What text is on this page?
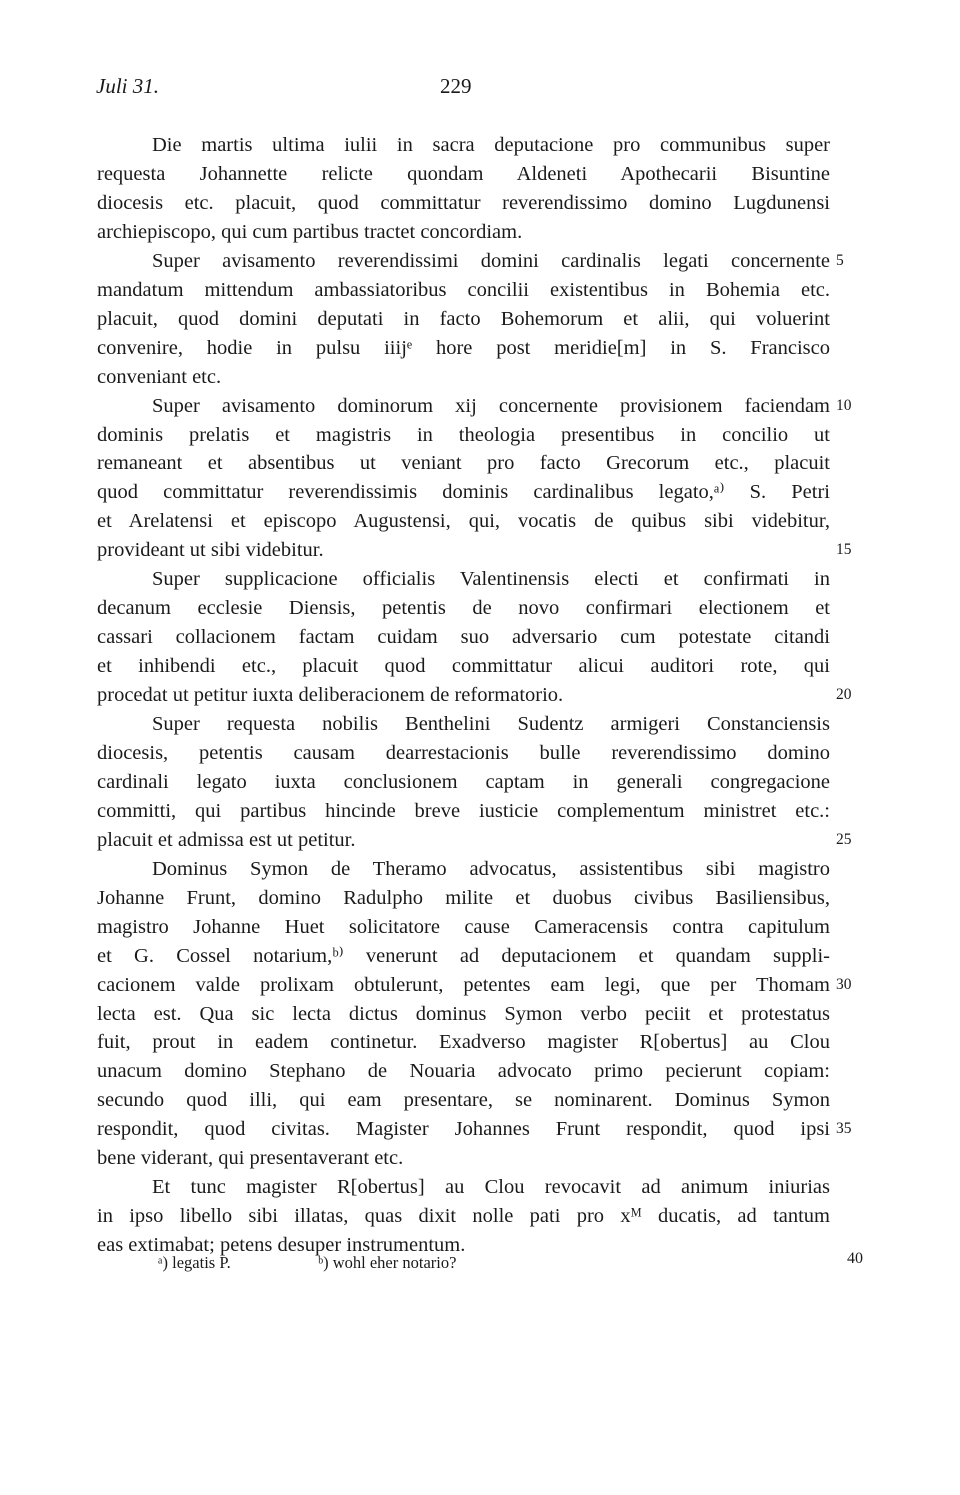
Juli 31.	229
Die martis ultima iulii in sacra deputacione pro communibus super
requesta Johannette relicte quondam Aldeneti Apothecarii Bisuntine
diocesis etc. placuit, quod committatur reverendissimo domino Lugdunensi
archiepiscopo, qui cum partibus tractet concordiam.
Super avisamento reverendissimi domini cardinalis legati concernente 5
mandatum mittendum ambassiatoribus concilii existentibus in Bohemia etc.
placuit, quod domini deputati in facto Bohemorum et alii, qui voluerint
convenire, hodie in pulsu iiijᵉ hore post meridie[m] in S. Francisco
conveniant etc.
Super avisamento dominorum xij concernente provisionem faciendam 10
dominis prelatis et magistris in theologia presentibus in concilio ut
remaneant et absentibus ut veniant pro facto Grecorum etc., placuit
quod committatur reverendissimis dominis cardinalibus legato,ᵃ⁾ S. Petri
et Arelatensi et episcopo Augustensi, qui, vocatis de quibus sibi videbitur,
provideant ut sibi videbitur.	15
Super supplicacione officialis Valentinensis electi et confirmati in
decanum ecclesie Diensis, petentis de novo confirmari electionem et
cassari collacionem factam cuidam suo adversario cum potestate citandi
et inhibendi etc., placuit quod committatur alicui auditori rote, qui
procedat ut petitur iuxta deliberacionem de reformatorio.	20
Super requesta nobilis Benthelini Sudentz armigeri Constanciensis
diocesis, petentis causam dearrestacionis bulle reverendissimo domino
cardinali legato iuxta conclusionem captam in generali congregacione
committi, qui partibus hincinde breve iusticie complementum ministret etc.:
placuit et admissa est ut petitur.	25
Dominus Symon de Theramo advocatus, assistentibus sibi magistro
Johanne Frunt, domino Radulpho milite et duobus civibus Basiliensibus,
magistro Johanne Huet solicitatore cause Cameracensis contra capitulum
et G. Cossel notarium,ᵇ⁾ venerunt ad deputacionem et quandam suppli-
cacionem valde prolixam obtulerunt, petentes eam legi, que per Thomam 30
lecta est. Qua sic lecta dictus dominus Symon verbo peciit et protestatus
fuit, prout in eadem continetur. Exadverso magister R[obertus] au Clou
unacum domino Stephano de Nouaria advocato primo pecierunt copiam:
secundo quod illi, qui eam presentare, se nominarent. Dominus Symon
respondit, quod civitas. Magister Johannes Frunt respondit, quod ipsi 35
bene viderant, qui presentaverant etc.
Et tunc magister R[obertus] au Clou revocavit ad animum iniurias
in ipso libello sibi illatas, quas dixit nolle pati pro xᴹ ducatis, ad tantum
eas extimabat; petens desuper instrumentum.
ᵃ) legatis P.	ᵇ) wohl eher notario?	40
